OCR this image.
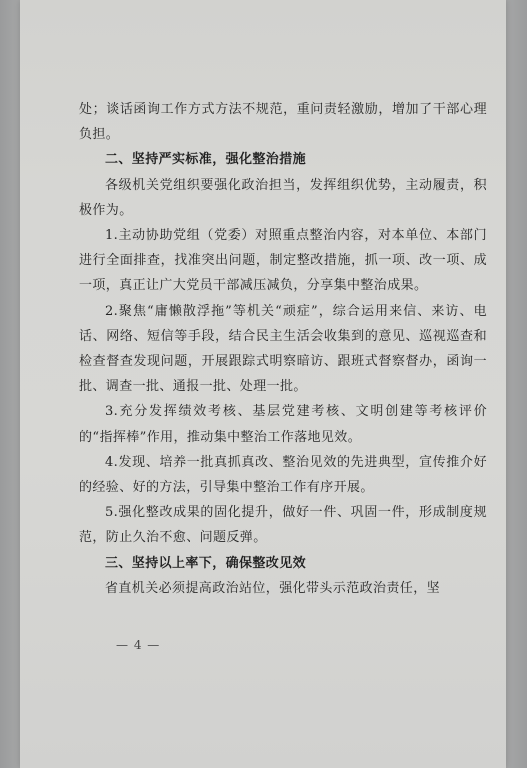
处；谈话函询工作方式方法不规范，重问责轻激励，增加了干部心理负担。

二、坚持严实标准，强化整治措施

各级机关党组织要强化政治担当，发挥组织优势，主动履责，积极作为。

1.主动协助党组（党委）对照重点整治内容，对本单位、本部门进行全面排查，找准突出问题，制定整改措施，抓一项、改一项、成一项，真正让广大党员干部减压减负，分享集中整治成果。

2.聚焦“庸懒散浮拖”等机关“顽症”，综合运用来信、来访、电话、网络、短信等手段，结合民主生活会收集到的意见、巡视巡查和检查督查发现问题，开展跟踪式明察暗访、跟班式督察督办，函询一批、调查一批、通报一批、处理一批。

3.充分发挥绩效考核、基层党建考核、文明创建等考核评价的“指挥棒”作用，推动集中整治工作落地见效。

4.发现、培养一批真抓真改、整治见效的先进典型，宣传推介好的经验、好的方法，引导集中整治工作有序开展。

5.强化整改成果的固化提升，做好一件、巩固一件，形成制度规范，防止久治不愈、问题反弹。

三、坚持以上率下，确保整改见效

省直机关必须提高政治站位，强化带头示范政治责任，坚

— 4 —
